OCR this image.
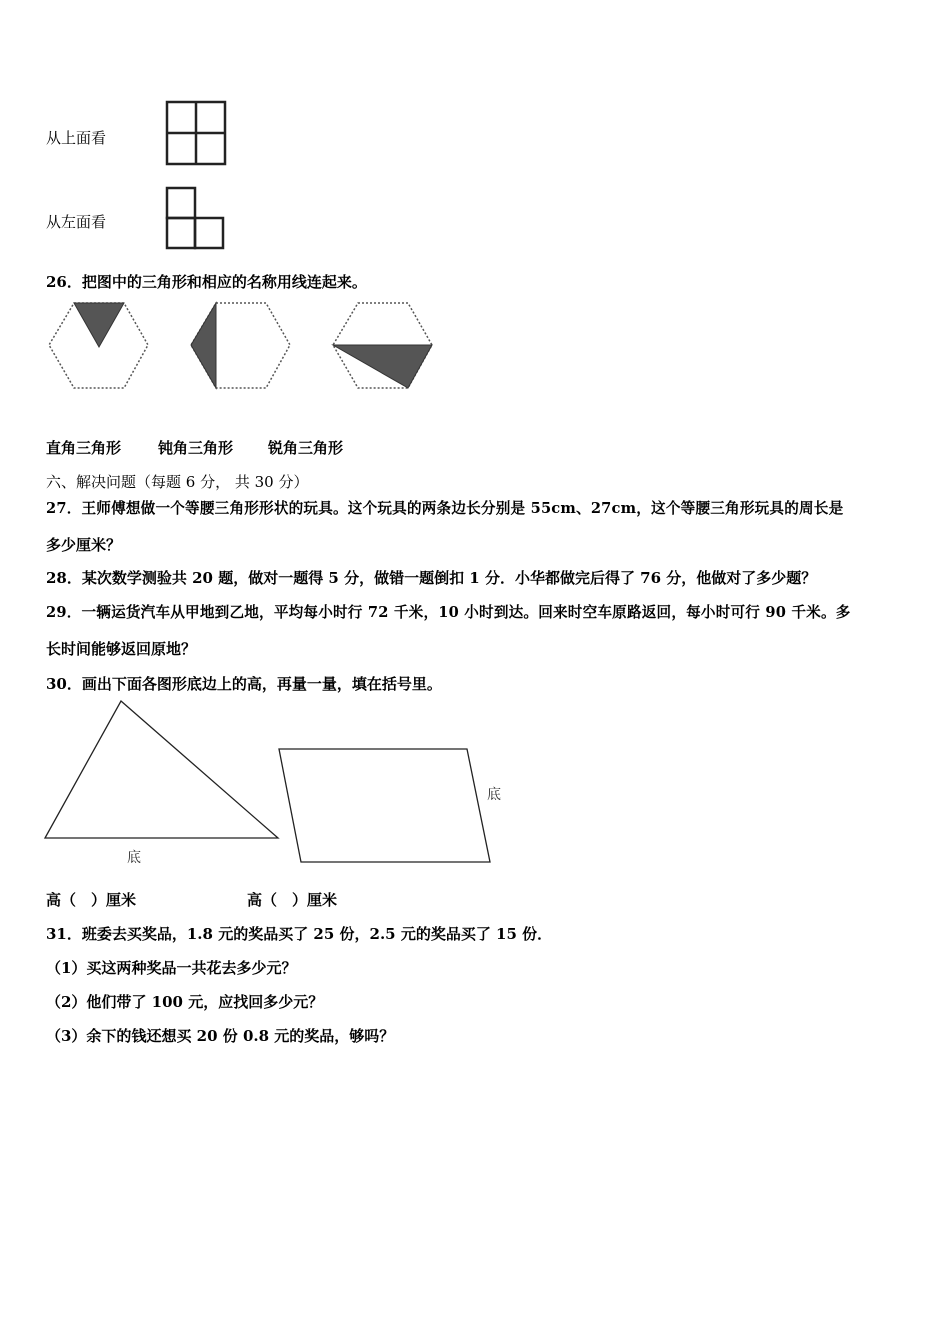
从上面看
从左面看
26．把图中的三角形和相应的名称用线连起来。
直角三角形 钝角三角形 锐角三角形
六、解决问题（每题 6 分， 共 30 分）
27．王师傅想做一个等腰三角形形状的玩具。这个玩具的两条边长分别是 55cm、27cm，这个等腰三角形玩具的周长是
多少厘米？
28．某次数学测验共 20 题，做对一题得 5 分，做错一题倒扣 1 分．小华都做完后得了 76 分，他做对了多少题？
29．一辆运货汽车从甲地到乙地，平均每小时行 72 千米，10 小时到达。回来时空车原路返回，每小时可行 90 千米。多
长时间能够返回原地？
30．画出下面各图形底边上的高，再量一量，填在括号里。
底
底
高（　）厘米	高（　）厘米
31．班委去买奖品，1.8 元的奖品买了 25 份，2.5 元的奖品买了 15 份．
（1）买这两种奖品一共花去多少元？
（2）他们带了 100 元，应找回多少元？
（3）余下的钱还想买 20 份 0.8 元的奖品，够吗？
